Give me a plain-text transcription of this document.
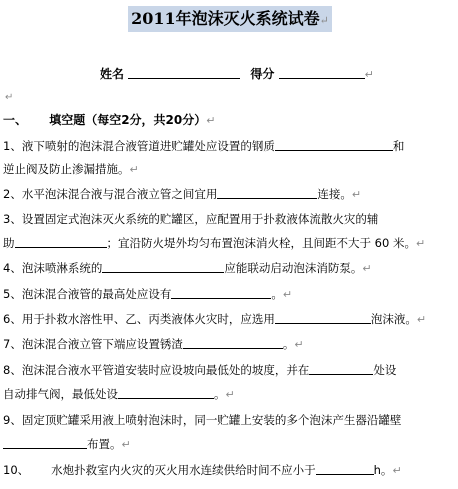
2011年泡沫灭火系统试卷↵
姓名	得分	↵
↵
一、 填空题（每空2分，共20分）↵
1、液下喷射的泡沫混合液管道进贮罐处应设置的钢质	和
逆止阀及防止渗漏措施。↵
2、水平泡沫混合液与混合液立管之间宜用	连接。↵
3、设置固定式泡沫灭火系统的贮罐区，应配置用于扑救液体流散火灾的辅
助	；宜沿防火堤外均匀布置泡沫消火栓，且间距不大于 60 米。↵
4、泡沫喷淋系统的	应能联动启动泡沫消防泵。↵
5、泡沫混合液管的最高处应设有	。↵
6、用于扑救水溶性甲、乙、丙类液体火灾时，应选用	泡沫液。↵
7、泡沫混合液立管下端应设置锈渣	。↵
8、泡沫混合液水平管道安装时应设坡向最低处的坡度，并在	处设
自动排气阀，最低处设	。↵
9、固定顶贮罐采用液上喷射泡沫时，同一贮罐上安装的多个泡沫产生器沿罐壁
布置。↵
10、 水炮扑救室内火灾的灭火用水连续供给时间不应小于	h。↵
